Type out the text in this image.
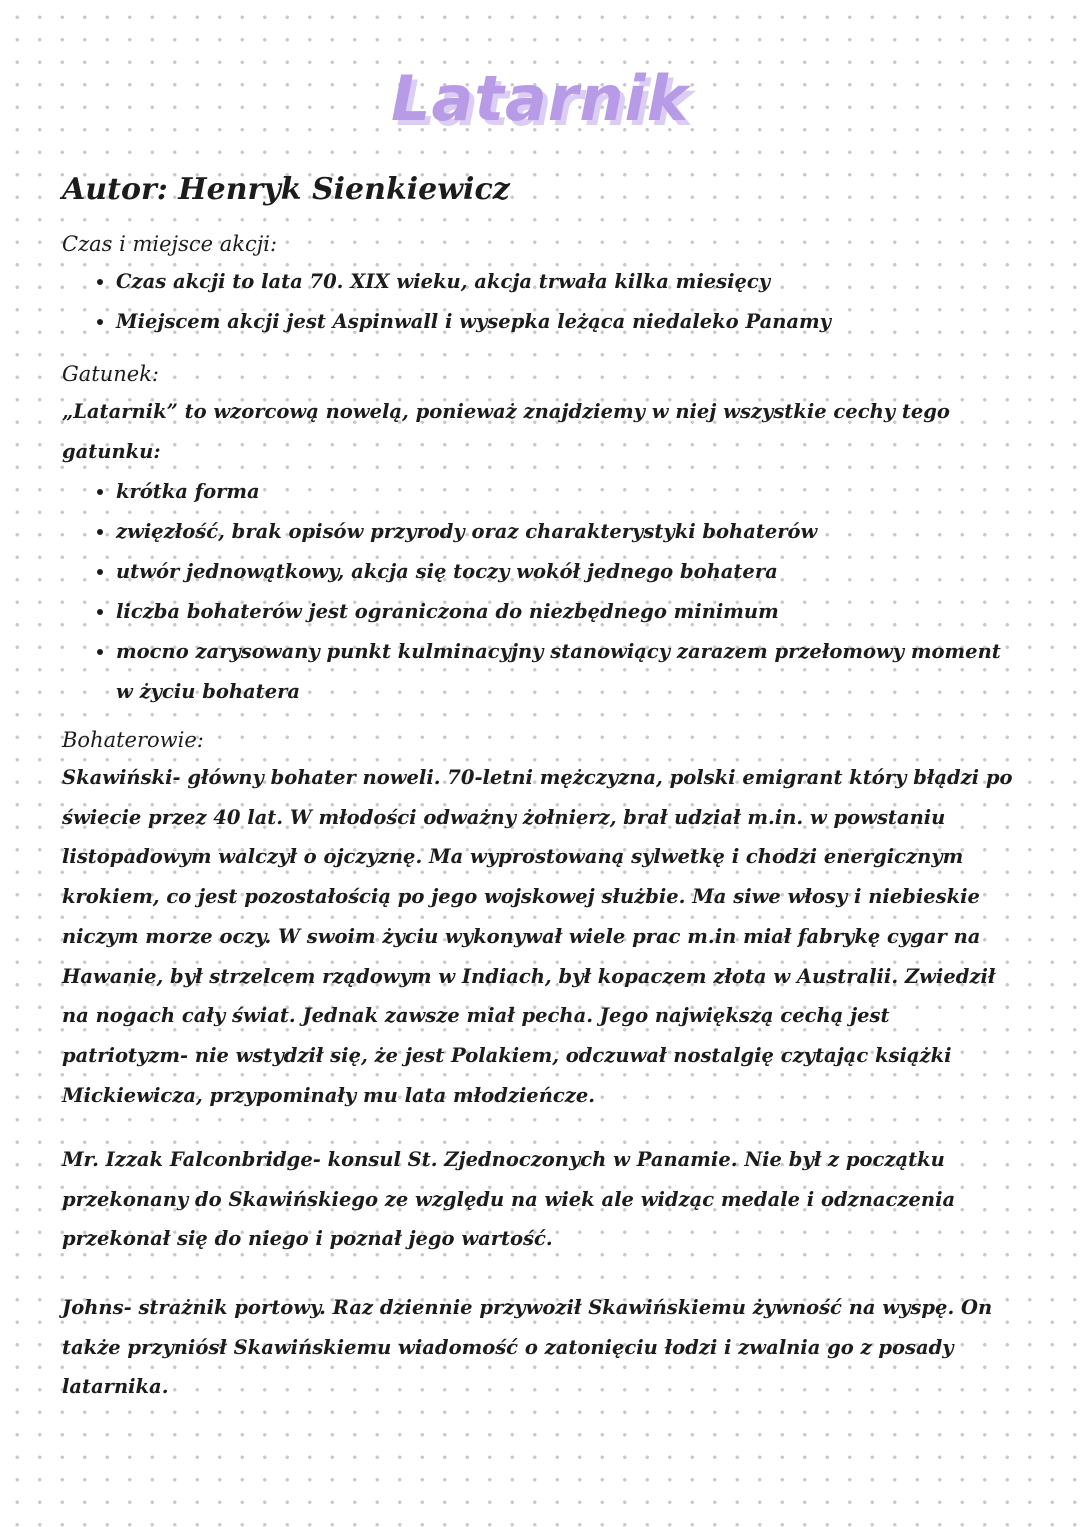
Latarnik

Autor: Henryk Sienkiewicz

Czas i miejsce akcji:

• Czas akcji to lata 70. XIX wieku, akcja trwała kilka miesięcy
• Miejscem akcji jest Aspinwall i wysepka leżąca niedaleko Panamy

Gatunek:

„Latarnik” to wzorcową nowelą, ponieważ znajdziemy w niej wszystkie cechy tego gatunku:

• krótka forma
• zwięzłość, brak opisów przyrody oraz charakterystyki bohaterów
• utwór jednowątkowy, akcja się toczy wokół jednego bohatera
• liczba bohaterów jest ograniczona do niezbędnego minimum
• mocno zarysowany punkt kulminacyjny stanowiący zarazem przełomowy moment w życiu bohatera

Bohaterowie:

Skawiński- główny bohater noweli. 70-letni mężczyzna, polski emigrant który błądzi po świecie przez 40 lat. W młodości odważny żołnierz, brał udział m.in. w powstaniu listopadowym walczył o ojczyznę. Ma wyprostowaną sylwetkę i chodzi energicznym krokiem, co jest pozostałością po jego wojskowej służbie. Ma siwe włosy i niebieskie niczym morze oczy. W swoim życiu wykonywał wiele prac m.in miał fabrykę cygar na Hawanie, był strzelcem rządowym w Indiach, był kopaczem złota w Australii. Zwiedził na nogach cały świat. Jednak zawsze miał pecha. Jego największą cechą jest patriotyzm- nie wstydził się, że jest Polakiem, odczuwał nostalgię czytając książki Mickiewicza, przypominały mu lata młodzieńcze.

Mr. Izzak Falconbridge- konsul St. Zjednoczonych w Panamie. Nie był z początku przekonany do Skawińskiego ze względu na wiek ale widząc medale i odznaczenia przekonał się do niego i poznał jego wartość.

Johns- strażnik portowy. Raz dziennie przywoził Skawińskiemu żywność na wyspę. On także przyniósł Skawińskiemu wiadomość o zatonięciu łodzi i zwalnia go z posady latarnika.
